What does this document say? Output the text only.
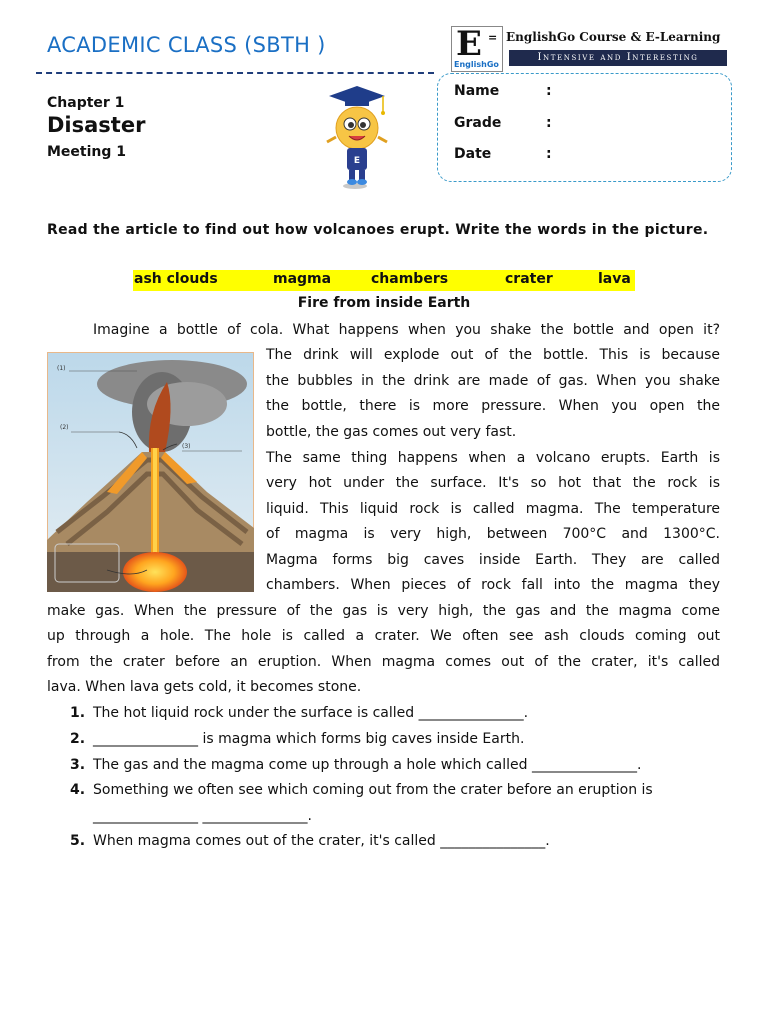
ACADEMIC CLASS (SBTH )	E =
EnglishGo
EnglishGo Course & E-Learning
Intensive and Interesting
Chapter 1
Disaster
Meeting 1
E
Name	:
Grade	:
Date	:
Read the article to find out how volcanoes erupt. Write the words in the picture.
ash clouds	magma	chambers	crater	lava
Fire from inside Earth
(1)
(2)
(3)
Imagine a bottle of cola. What happens when you shake the bottle and open it?
The drink will explode out of the bottle. This is because
the bubbles in the drink are made of gas. When you shake
the bottle, there is more pressure. When you open the
bottle, the gas comes out very fast.
The same thing happens when a volcano erupts. Earth is
very hot under the surface. It's so hot that the rock is
liquid. This liquid rock is called magma. The temperature
of magma is very high, between 700°C and 1300°C.
Magma forms big caves inside Earth. They are called
chambers. When pieces of rock fall into the magma they
make gas. When the pressure of the gas is very high, the gas and the magma come
up through a hole. The hole is called a crater. We often see ash clouds coming out
from the crater before an eruption. When magma comes out of the crater, it's called
lava. When lava gets cold, it becomes stone.
1. The hot liquid rock under the surface is called _______________.
2. _______________ is magma which forms big caves inside Earth.
3. The gas and the magma come up through a hole which called _______________.
4. Something we often see which coming out from the crater before an eruption is
_______________ _______________.
5. When magma comes out of the crater, it's called _______________.
